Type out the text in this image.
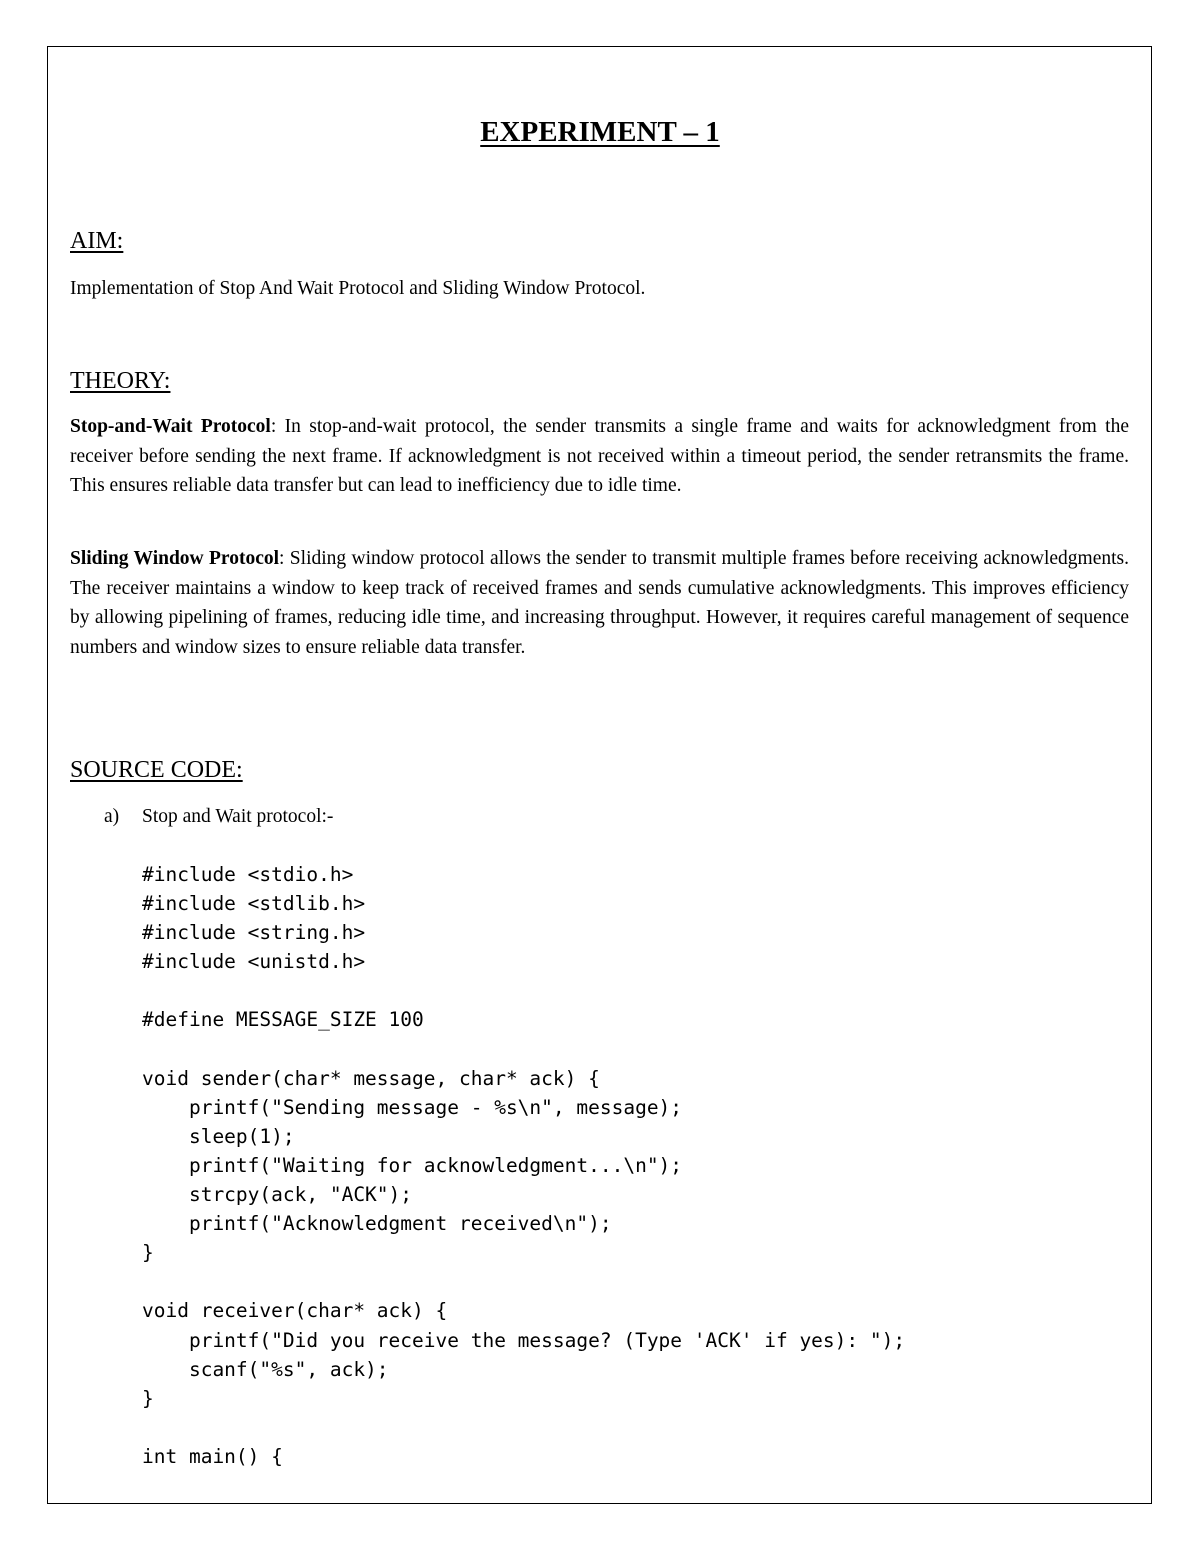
EXPERIMENT – 1
AIM:
Implementation of Stop And Wait Protocol and Sliding Window Protocol.
THEORY:

Stop-and-Wait Protocol: In stop-and-wait protocol, the sender transmits a single frame and waits for acknowledgment from the receiver before sending the next frame. If acknowledgment is not received within a timeout period, the sender retransmits the frame. This ensures reliable data transfer but can lead to inefficiency due to idle time.

Sliding Window Protocol: Sliding window protocol allows the sender to transmit multiple frames before receiving acknowledgments. The receiver maintains a window to keep track of received frames and sends cumulative acknowledgments. This improves efficiency by allowing pipelining of frames, reducing idle time, and increasing throughput. However, it requires careful management of sequence numbers and window sizes to ensure reliable data transfer.

SOURCE CODE:
a) Stop and Wait protocol:-
#include <stdio.h>
#include <stdlib.h>
#include <string.h>
#include <unistd.h>

#define MESSAGE_SIZE 100

void sender(char* message, char* ack) {
printf("Sending message - %s\n", message);
sleep(1);
printf("Waiting for acknowledgment...\n");
strcpy(ack, "ACK");
printf("Acknowledgment received\n");
}

void receiver(char* ack) {
printf("Did you receive the message? (Type 'ACK' if yes): ");
scanf("%s", ack);
}

int main() {
